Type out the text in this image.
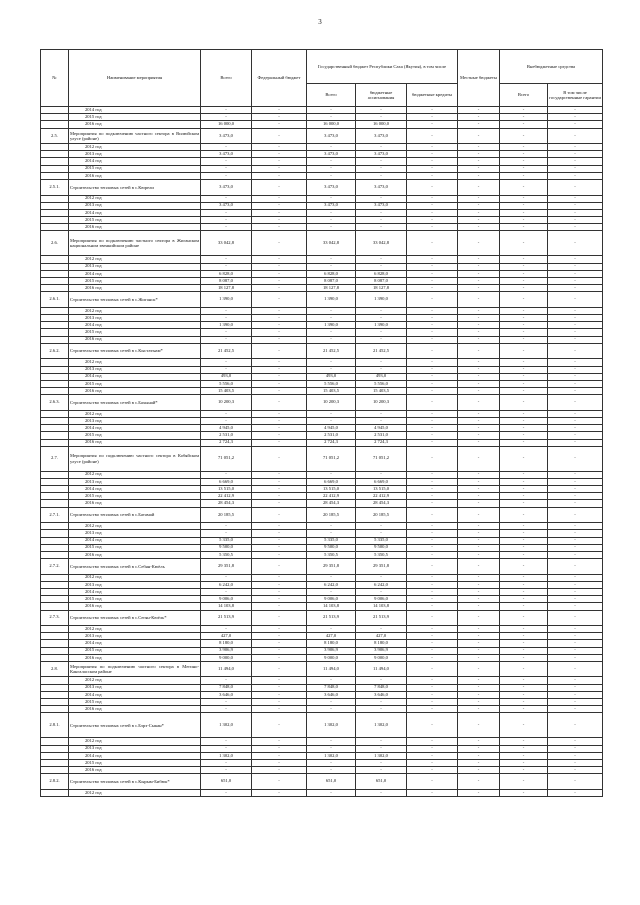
3
№	Наименование мероприятия	Всего	Федеральный бюджет	Государственный бюджет Республики Саха (Якутия), в том числе			Местные бюджеты	Внебюджетные средства	
				Всего	бюджетные ассигнования	бюджетные кредиты		Всего	В том числе государственные гарантии
	2014 год	-	-	-	-	-	-	-	-
	2015 год	-	-	-	-	-	-	-	-
	2016 год	16 000,0	-	16 000,0	16 000,0	-	-	-	-
2.5.	Мероприятия по подключению частного сектора в Вилюйском улусе (районе)	3 473,0	-	3 473,0	3 473,0	-	-	-	-
	2012 год	-	-	-	-	-	-	-	-
	2013 год	3 473,0	-	3 473,0	3 473,0	-	-	-	-
	2014 год	-	-	-	-	-	-	-	-
	2015 год	-	-	-	-	-	-	-	-
	2016 год	-	-	-	-	-	-	-	-
2.5.1.	Строительство тепловых сетей в с.Кюрели	3 473,0	-	3 473,0	3 473,0	-	-	-	-
	2012 год	-	-	-	-	-	-	-	-
	2013 год	3 473,0	-	3 473,0	3 473,0	-	-	-	-
	2014 год	-	-	-	-	-	-	-	-
	2015 год	-	-	-	-	-	-	-	-
	2016 год	-	-	-	-	-	-	-	-
2.6.	Мероприятия по подключению частного сектора в Жиганском национальном эвенкийском районе	33 042,8	-	33 042,8	33 042,8	-	-	-	-
	2012 год	-	-	-	-	-	-	-	-
	2013 год	-	-	-	-	-	-	-	-
	2014 год	6 828,0	-	6 828,0	6 828,0	-	-	-	-
	2015 год	8 087,0	-	8 087,0	8 087,0	-	-	-	-
	2016 год	18 127,8	-	18 127,8	18 127,8	-	-	-	-
2.6.1.	Строительство тепловых сетей в с.Жиганск*	1 390,0	-	1 390,0	1 390,0	-	-	-	-
	2012 год	-	-	-	-	-	-	-	-
	2013 год	-	-	-	-	-	-	-	-
	2014 год	1 390,0	-	1 390,0	1 390,0	-	-	-	-
	2015 год	-	-	-	-	-	-	-	-
	2016 год	-	-	-	-	-	-	-	-
2.6.2.	Строительство тепловых сетей в с.Кыстатыам*	21 452,5	-	21 452,5	21 452,5	-	-	-	-
	2012 год	-	-	-	-	-	-	-	-
	2013 год	-	-	-	-	-	-	-	-
	2014 год	493,0	-	493,0	493,0	-	-	-	-
	2015 год	5 556,0	-	5 556,0	5 556,0	-	-	-	-
	2016 год	15 403,5	-	15 403,5	15 403,5	-	-	-	-
2.6.3.	Строительство тепловых сетей в с.Бахынай*	10 200,3	-	10 200,3	10 200,3	-	-	-	-
	2012 год	-	-	-	-	-	-	-	-
	2013 год	-	-	-	-	-	-	-	-
	2014 год	4 945,0	-	4 945,0	4 945,0	-	-	-	-
	2015 год	2 531,0	-	2 531,0	2 531,0	-	-	-	-
	2016 год	2 724,3	-	2 724,3	2 724,3	-	-	-	-
2.7.	Мероприятия по подключению частного сектора в Кобяйском улусе (районе)	71 051,2	-	71 051,2	71 051,2	-	-	-	-
	2012 год	-	-	-	-	-	-	-	-
	2013 год	6 669,0	-	6 669,0	6 669,0	-	-	-	-
	2014 год	13 515,0	-	13 515,0	13 515,0	-	-	-	-
	2015 год	22 412,9	-	22 412,9	22 412,9	-	-	-	-
	2016 год	28 454,3	-	28 454,3	28 454,3	-	-	-	-
2.7.1.	Строительство тепловых сетей в с.Батамай	20 185,5	-	20 185,5	20 185,5	-	-	-	-
	2012 год	-	-	-	-	-	-	-	-
	2013 год	-	-	-	-	-	-	-	-
	2014 год	5 335,0	-	5 335,0	5 335,0	-	-	-	-
	2015 год	9 500,0	-	9 500,0	9 500,0	-	-	-	-
	2016 год	5 350,5	-	5 350,5	5 350,5	-	-	-	-
2.7.2.	Строительство тепловых сетей в с.Себян-Кюёль	29 351,8	-	29 351,8	29 351,8	-	-	-	-
	2012 год	-	-	-	-	-	-	-	-
	2013 год	6 242,0	-	6 242,0	6 242,0	-	-	-	-
	2014 год	-	-	-	-	-	-	-	-
	2015 год	9 006,0	-	9 006,0	9 006,0	-	-	-	-
	2016 год	14 103,8	-	14 103,8	14 103,8	-	-	-	-
2.7.3.	Строительство тепловых сетей в с.Сегян-Кюёль*	21 513,9	-	21 513,9	21 513,9	-	-	-	-
	2012 год	-	-	-	-	-	-	-	-
	2013 год	427,0	-	427,0	427,0	-	-	-	-
	2014 год	8 180,0	-	8 180,0	8 180,0	-	-	-	-
	2015 год	3 906,9	-	3 906,9	3 906,9	-	-	-	-
	2016 год	9 000,0	-	9 000,0	9 000,0	-	-	-	-
2.8.	Мероприятия по подключению частного сектора в Мегино-Кангаласском районе	11 494,0	-	11 494,0	11 494,0	-	-	-	-
	2012 год	-	-	-	-	-	-	-	-
	2013 год	7 848,0	-	7 848,0	7 848,0	-	-	-	-
	2014 год	3 646,0	-	3 646,0	3 646,0	-	-	-	-
	2015 год	-	-	-	-	-	-	-	-
	2016 год	-	-	-	-	-	-	-	-
2.8.1.	Строительство тепловых сетей в с.Бэрэ-Сыкан*	1 302,0	-	1 302,0	1 302,0	-	-	-	-
	2012 год	-	-	-	-	-	-	-	-
	2013 год	-	-	-	-	-	-	-	-
	2014 год	1 302,0	-	1 302,0	1 302,0	-	-	-	-
	2015 год	-	-	-	-	-	-	-	-
	2016 год	-	-	-	-	-	-	-	-
2.8.2.	Строительство тепловых сетей в с.Кырым-Бибюк*	651,0	-	651,0	651,0	-	-	-	-
	2012 год	-	-	-	-	-	-	-	-
